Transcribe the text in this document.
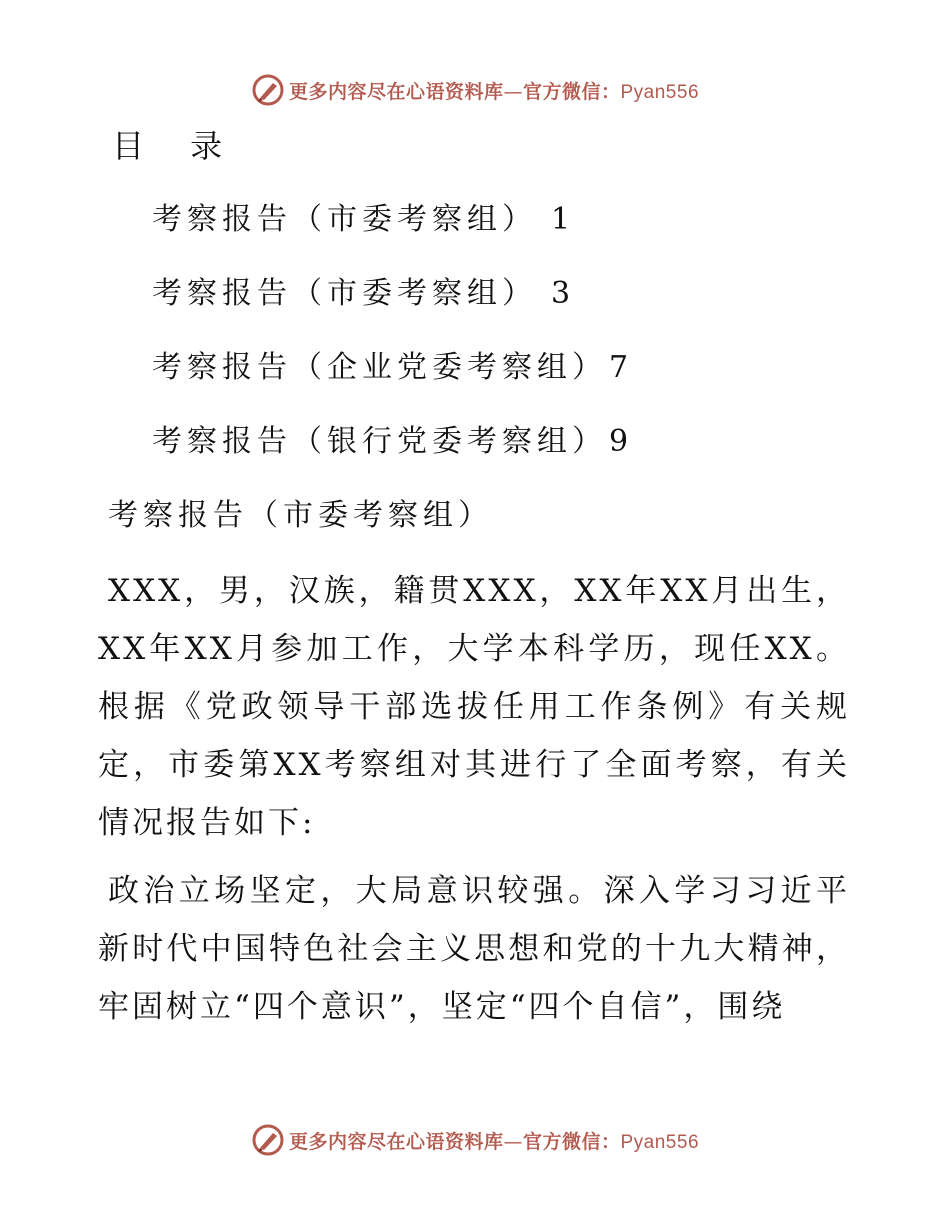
更多内容尽在心语资料库—官方微信：Pyan556
目 录
考察报告（市委考察组） 1
考察报告（市委考察组） 3
考察报告（企业党委考察组）7
考察报告（银行党委考察组）9
考察报告（市委考察组）

XXX，男，汉族，籍贯XXX，XX年XX月出生，XX年XX月参加工作，大学本科学历，现任XX。根据《党政领导干部选拔任用工作条例》有关规定，市委第XX考察组对其进行了全面考察，有关情况报告如下:

政治立场坚定，大局意识较强。深入学习习近平新时代中国特色社会主义思想和党的十九大精神，牢固树立“四个意识”，坚定“四个自信”，围绕

更多内容尽在心语资料库—官方微信：Pyan556
